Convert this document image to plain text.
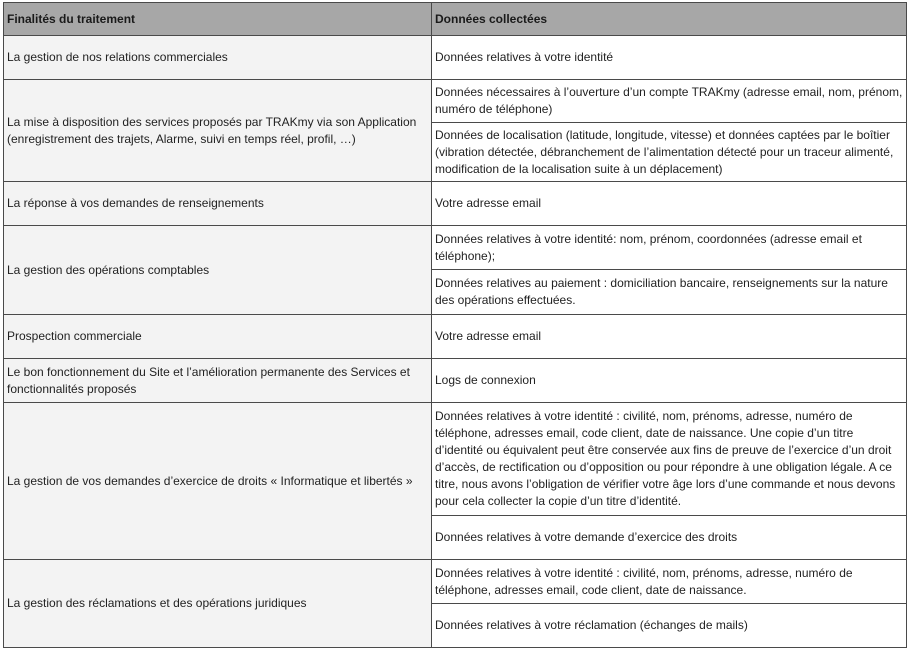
Finalités du traitement	Données collectées
La gestion de nos relations commerciales	Données relatives à votre identité
La mise à disposition des services proposés par TRAKmy via son Application (enregistrement des trajets, Alarme, suivi en temps réel, profil, …)	Données nécessaires à l’ouverture d’un compte TRAKmy (adresse email, nom, prénom, numéro de téléphone)
	Données de localisation (latitude, longitude, vitesse) et données captées par le boîtier (vibration détectée, débranchement de l’alimentation détecté pour un traceur alimenté, modification de la localisation suite à un déplacement)
La réponse à vos demandes de renseignements	Votre adresse email
La gestion des opérations comptables	Données relatives à votre identité: nom, prénom, coordonnées (adresse email et téléphone);
	Données relatives au paiement : domiciliation bancaire, renseignements sur la nature des opérations effectuées.
Prospection commerciale	Votre adresse email
Le bon fonctionnement du Site et l’amélioration permanente des Services et fonctionnalités proposés	Logs de connexion
La gestion de vos demandes d’exercice de droits « Informatique et libertés »	Données relatives à votre identité : civilité, nom, prénoms, adresse, numéro de téléphone, adresses email, code client, date de naissance. Une copie d’un titre d’identité ou équivalent peut être conservée aux fins de preuve de l’exercice d’un droit d’accès, de rectification ou d’opposition ou pour répondre à une obligation légale. A ce titre, nous avons l’obligation de vérifier votre âge lors d’une commande et nous devons pour cela collecter la copie d’un titre d’identité.
	Données relatives à votre demande d’exercice des droits
La gestion des réclamations et des opérations juridiques	Données relatives à votre identité : civilité, nom, prénoms, adresse, numéro de téléphone, adresses email, code client, date de naissance.
	Données relatives à votre réclamation (échanges de mails)
